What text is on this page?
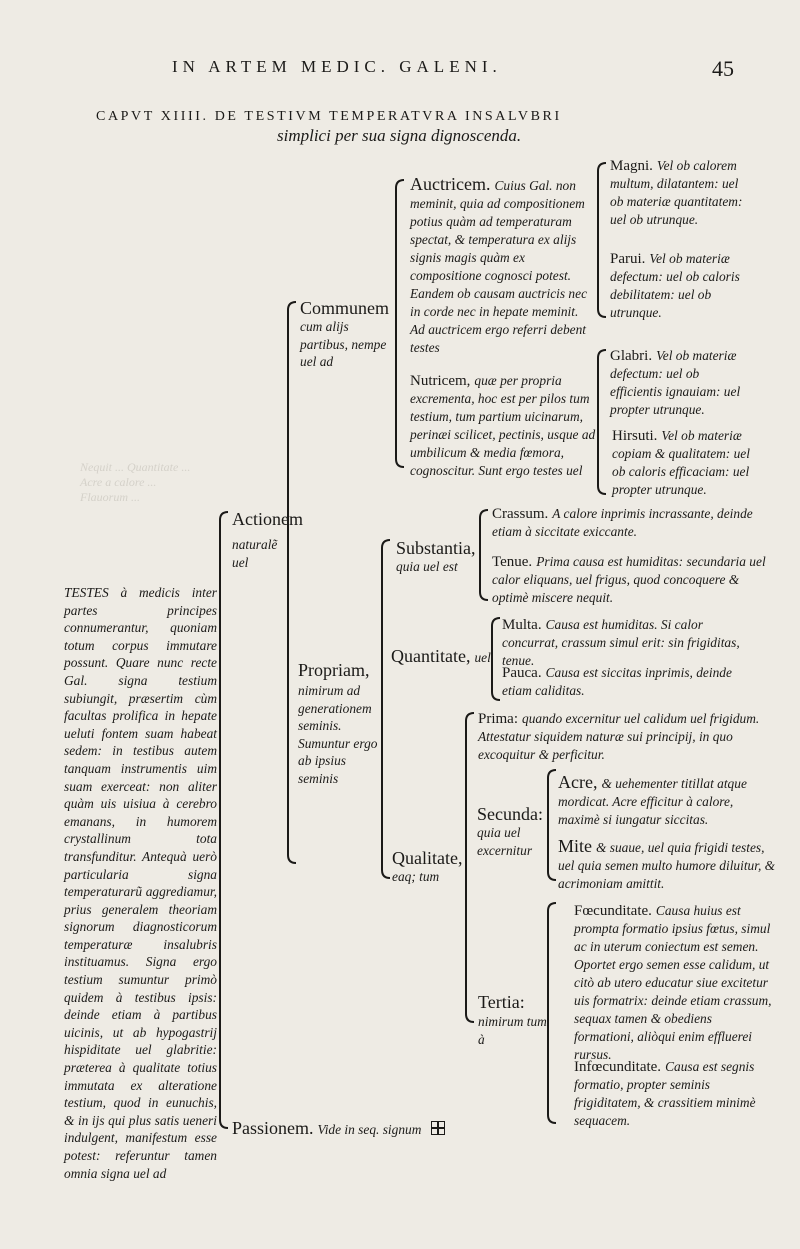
Nequit ... Quantitate ... Acre a calore ... Flauorum ...
IN ARTEM MEDIC. GALENI.	45
CAPVT XIIII. DE TESTIVM TEMPERATVRA INSALVBRI
simplici per sua signa dignoscenda.
TESTES à medicis inter partes principes connumerantur, quoniam totum corpus immutare possunt. Quare nunc recte Gal. signa testium subiungit, præsertim cùm facultas prolifica in hepate ueluti fontem suam habeat sedem: in testibus autem tanquam instrumentis uim suam exerceat: non aliter quàm uis uisiua à cerebro emanans, in humorem crystallinum tota transfunditur. Antequà uerò particularia signa temperaturarũ aggrediamur, prius generalem theoriam signorum diagnosticorum temperaturæ insalubris instituamus. Signa ergo testium sumuntur primò quidem à testibus ipsis: deinde etiam à partibus uicinis, ut ab hypogastrij hispiditate uel glabritie: præterea à qualitate totius immutata ex alteratione testium, quod in eunuchis, & in ijs qui plus satis ueneri indulgent, manifestum esse potest: referuntur tamen omnia signa uel ad
Actionem
naturalẽ uel
Communem
cum alijs partibus, nempe uel ad
Auctricem. Cuius Gal. non meminit, quia ad compositionem potius quàm ad temperaturam spectat, & temperatura ex alijs signis magis quàm ex compositione cognosci potest. Eandem ob causam auctricis nec in corde nec in hepate meminit. Ad auctricem ergo referri debent testes
Magni. Vel ob calorem multum, dilatantem: uel ob materiæ quantitatem: uel ob utrunque.
Parui. Vel ob materiæ defectum: uel ob caloris debilitatem: uel ob utrunque.
Nutricem, quæ per propria excrementa, hoc est per pilos tum testium, tum partium uicinarum, perinæi scilicet, pectinis, usque ad umbilicum & media fœmora, cognoscitur. Sunt ergo testes uel
Glabri. Vel ob materiæ defectum: uel ob efficientis ignauiam: uel propter utrunque.
Hirsuti. Vel ob materiæ copiam & qualitatem: uel ob caloris efficaciam: uel propter utrunque.
Propriam,
nimirum ad generationem seminis. Sumuntur ergo ab ipsius seminis
Substantia,
quia uel est
Crassum. A calore inprimis incrassante, deinde etiam à siccitate exiccante.
Tenue. Prima causa est humiditas: secundaria uel calor eliquans, uel frigus, quod concoquere & optimè miscere nequit.
Quantitate, uel
Multa. Causa est humiditas. Si calor concurrat, crassum simul erit: sin frigiditas, tenue.
Pauca. Causa est siccitas inprimis, deinde etiam caliditas.
Qualitate,
eaq; tum
Prima: quando excernitur uel calidum uel frigidum. Attestatur siquidem naturæ sui principij, in quo excoquitur & perficitur.
Secunda:
quia uel excernitur
Acre, & uehementer titillat atque mordicat. Acre efficitur à calore, maximè si iungatur siccitas.
Mite & suaue, uel quia frigidi testes, uel quia semen multo humore diluitur, & acrimoniam amittit.
Tertia: nimirum tum à
Fœcunditate. Causa huius est prompta formatio ipsius fœtus, simul ac in uterum coniectum est semen. Oportet ergo semen esse calidum, ut citò ab utero educatur siue excitetur uis formatrix: deinde etiam crassum, sequax tamen & obediens formationi, aliòqui enim effluerei rursus.
Infœcunditate. Causa est segnis formatio, propter seminis frigiditatem, & crassitiem minimè sequacem.
Passionem. Vide in seq. signum
